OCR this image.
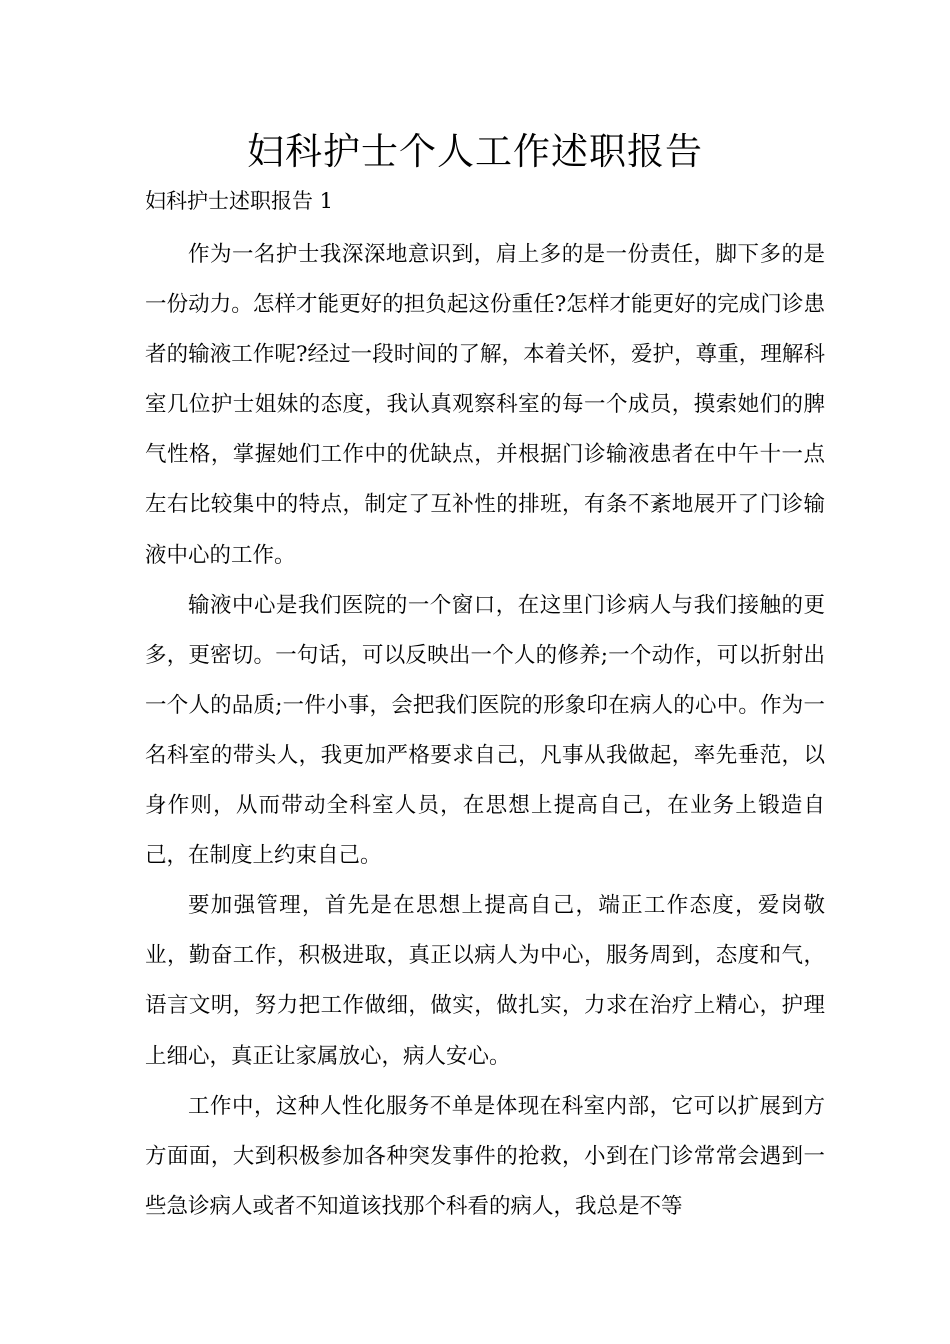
妇科护士个人工作述职报告

妇科护士述职报告 1

作为一名护士我深深地意识到，肩上多的是一份责任，脚下多的是一份动力。怎样才能更好的担负起这份重任?怎样才能更好的完成门诊患者的输液工作呢?经过一段时间的了解，本着关怀，爱护，尊重，理解科室几位护士姐妹的态度，我认真观察科室的每一个成员，摸索她们的脾气性格，掌握她们工作中的优缺点，并根据门诊输液患者在中午十一点左右比较集中的特点，制定了互补性的排班，有条不紊地展开了门诊输液中心的工作。

输液中心是我们医院的一个窗口，在这里门诊病人与我们接触的更多，更密切。一句话，可以反映出一个人的修养;一个动作，可以折射出一个人的品质;一件小事，会把我们医院的形象印在病人的心中。作为一名科室的带头人，我更加严格要求自己，凡事从我做起，率先垂范，以身作则，从而带动全科室人员，在思想上提高自己，在业务上锻造自己，在制度上约束自己。

要加强管理，首先是在思想上提高自己，端正工作态度，爱岗敬业，勤奋工作，积极进取，真正以病人为中心，服务周到，态度和气，语言文明，努力把工作做细，做实，做扎实，力求在治疗上精心，护理上细心，真正让家属放心，病人安心。

工作中，这种人性化服务不单是体现在科室内部，它可以扩展到方方面面，大到积极参加各种突发事件的抢救，小到在门诊常常会遇到一些急诊病人或者不知道该找那个科看的病人，我总是不等
